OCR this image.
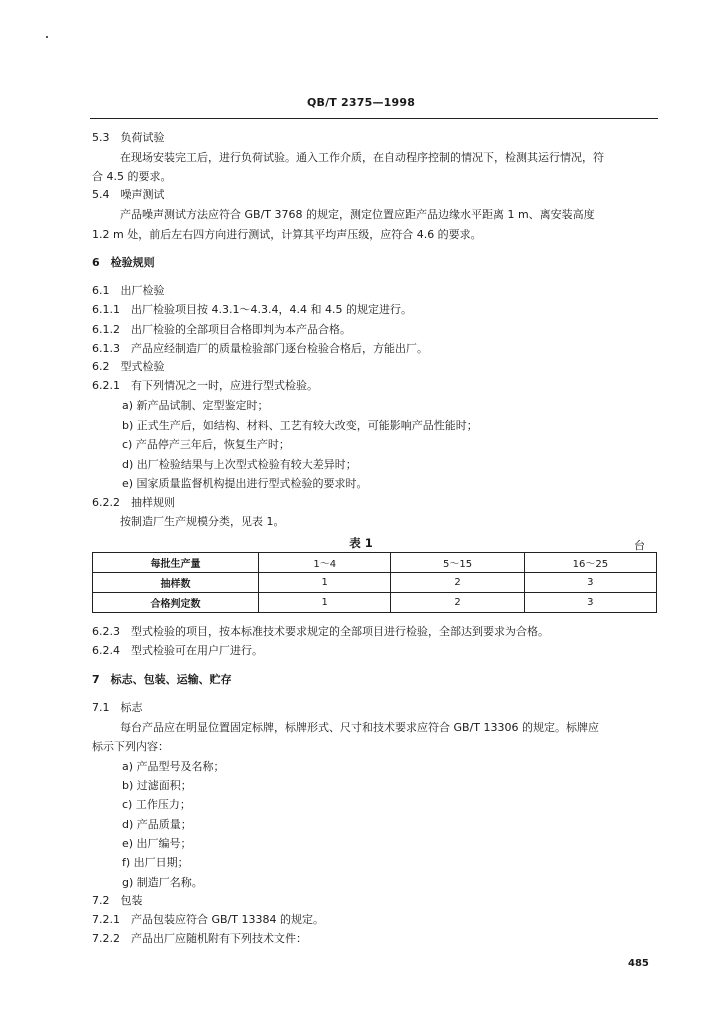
QB/T 2375—1998
5.3　负荷试验
在现场安装完工后，进行负荷试验。通入工作介质，在自动程序控制的情况下，检测其运行情况，符
合 4.5 的要求。
5.4　噪声测试
产品噪声测试方法应符合 GB/T 3768 的规定，测定位置应距产品边缘水平距离 1 m、离安装高度
1.2 m 处，前后左右四方向进行测试，计算其平均声压级，应符合 4.6 的要求。
6　检验规则
6.1　出厂检验
6.1.1　出厂检验项目按 4.3.1～4.3.4，4.4 和 4.5 的规定进行。
6.1.2　出厂检验的全部项目合格即判为本产品合格。
6.1.3　产品应经制造厂的质量检验部门逐台检验合格后，方能出厂。
6.2　型式检验
6.2.1　有下列情况之一时，应进行型式检验。
a) 新产品试制、定型鉴定时；
b) 正式生产后，如结构、材料、工艺有较大改变，可能影响产品性能时；
c) 产品停产三年后，恢复生产时；
d) 出厂检验结果与上次型式检验有较大差异时；
e) 国家质量监督机构提出进行型式检验的要求时。
6.2.2　抽样规则
按制造厂生产规模分类，见表 1。
表 1	台
每批生产量	1～4	5～15	16～25
抽样数	1	2	3
合格判定数	1	2	3
6.2.3　型式检验的项目，按本标准技术要求规定的全部项目进行检验，全部达到要求为合格。
6.2.4　型式检验可在用户厂进行。
7　标志、包装、运输、贮存
7.1　标志
每台产品应在明显位置固定标牌，标牌形式、尺寸和技术要求应符合 GB/T 13306 的规定。标牌应
标示下列内容：
a) 产品型号及名称；
b) 过滤面积；
c) 工作压力；
d) 产品质量；
e) 出厂编号；
f) 出厂日期；
g) 制造厂名称。
7.2　包装
7.2.1　产品包装应符合 GB/T 13384 的规定。
7.2.2　产品出厂应随机附有下列技术文件：
485
